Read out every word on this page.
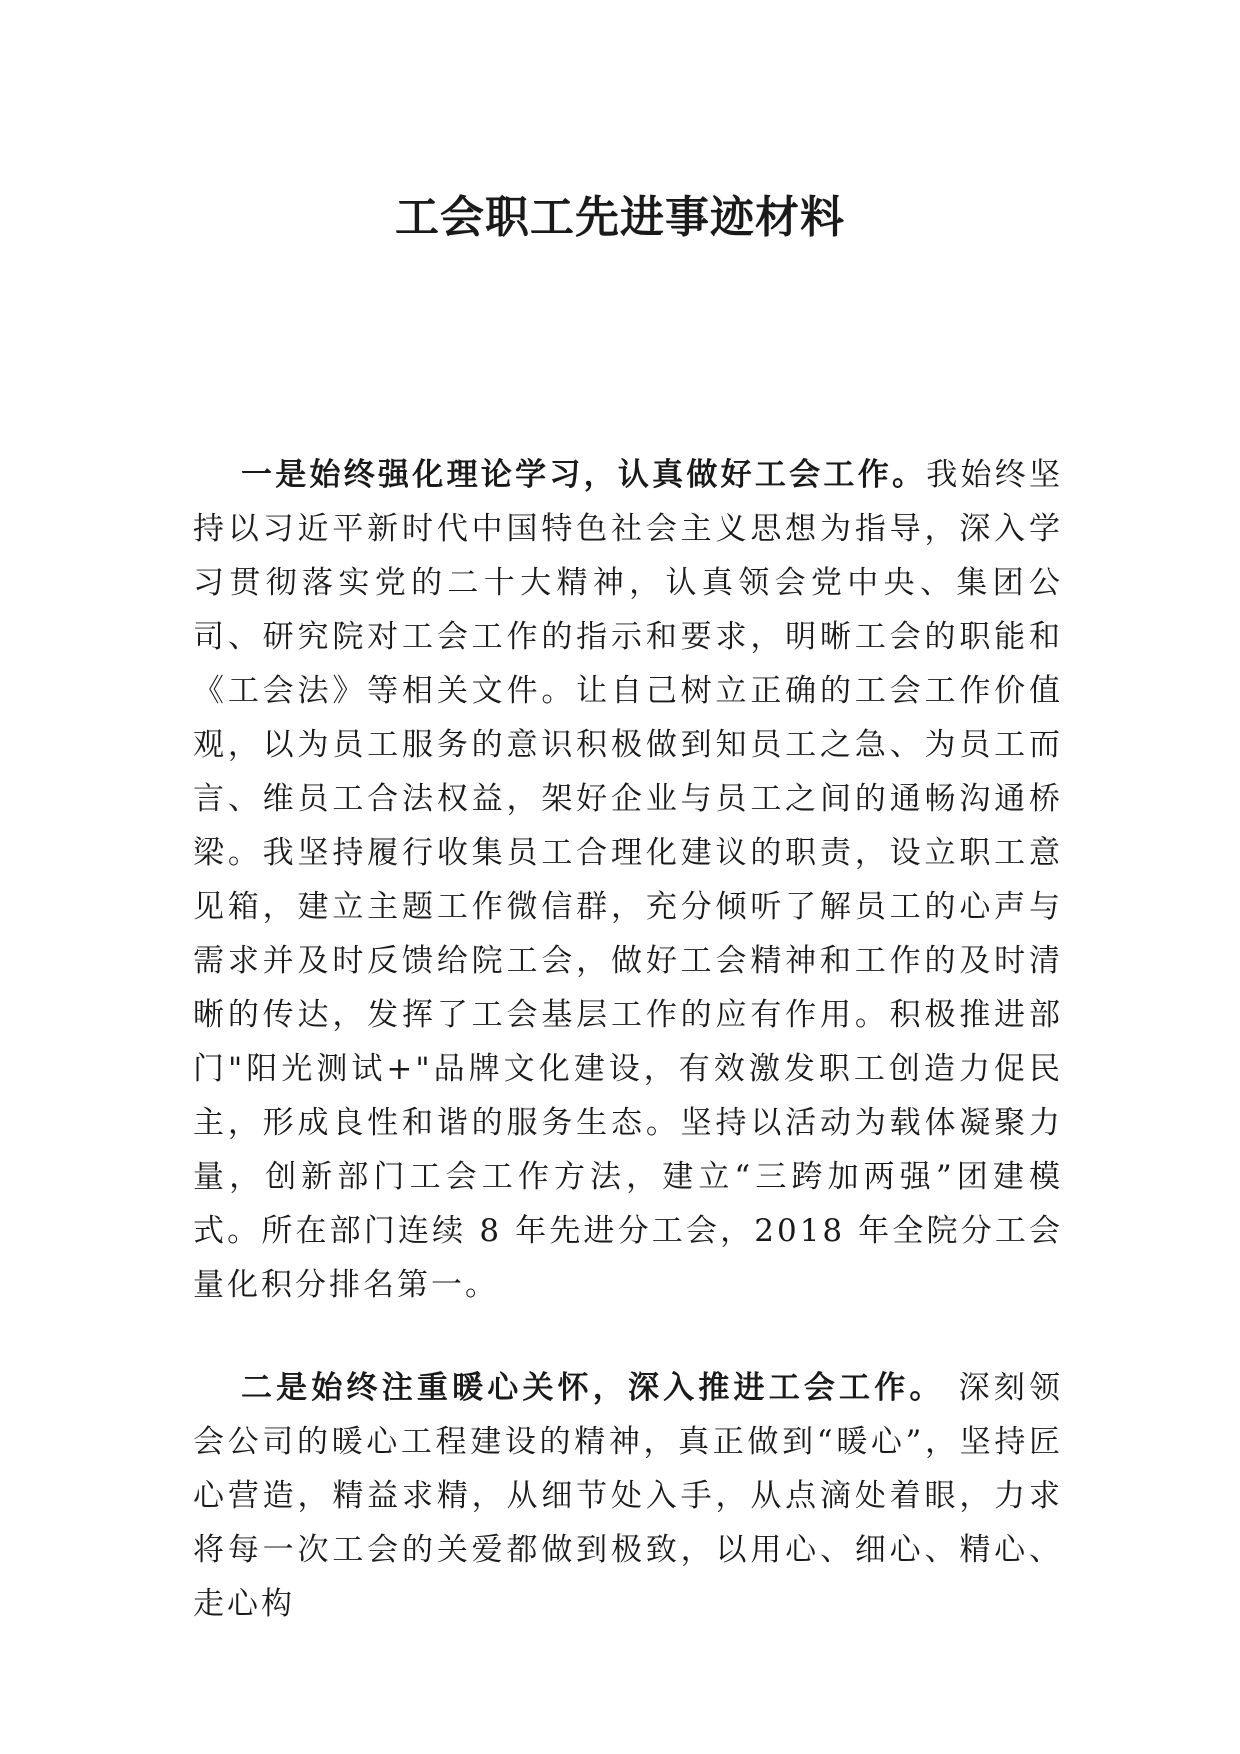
工会职工先进事迹材料

一是始终强化理论学习，认真做好工会工作。我始终坚持以习近平新时代中国特色社会主义思想为指导，深入学习贯彻落实党的二十大精神，认真领会党中央、集团公司、研究院对工会工作的指示和要求，明晰工会的职能和《工会法》等相关文件。让自己树立正确的工会工作价值观，以为员工服务的意识积极做到知员工之急、为员工而言、维员工合法权益，架好企业与员工之间的通畅沟通桥梁。我坚持履行收集员工合理化建议的职责，设立职工意见箱，建立主题工作微信群，充分倾听了解员工的心声与需求并及时反馈给院工会，做好工会精神和工作的及时清晰的传达，发挥了工会基层工作的应有作用。积极推进部门"阳光测试+"品牌文化建设，有效激发职工创造力促民主，形成良性和谐的服务生态。坚持以活动为载体凝聚力量，创新部门工会工作方法，建立“三跨加两强”团建模式。所在部门连续 8 年先进分工会，2018 年全院分工会量化积分排名第一。

二是始终注重暖心关怀，深入推进工会工作。 深刻领会公司的暖心工程建设的精神，真正做到“暖心”，坚持匠心营造，精益求精，从细节处入手，从点滴处着眼，力求将每一次工会的关爱都做到极致，以用心、细心、精心、走心构
